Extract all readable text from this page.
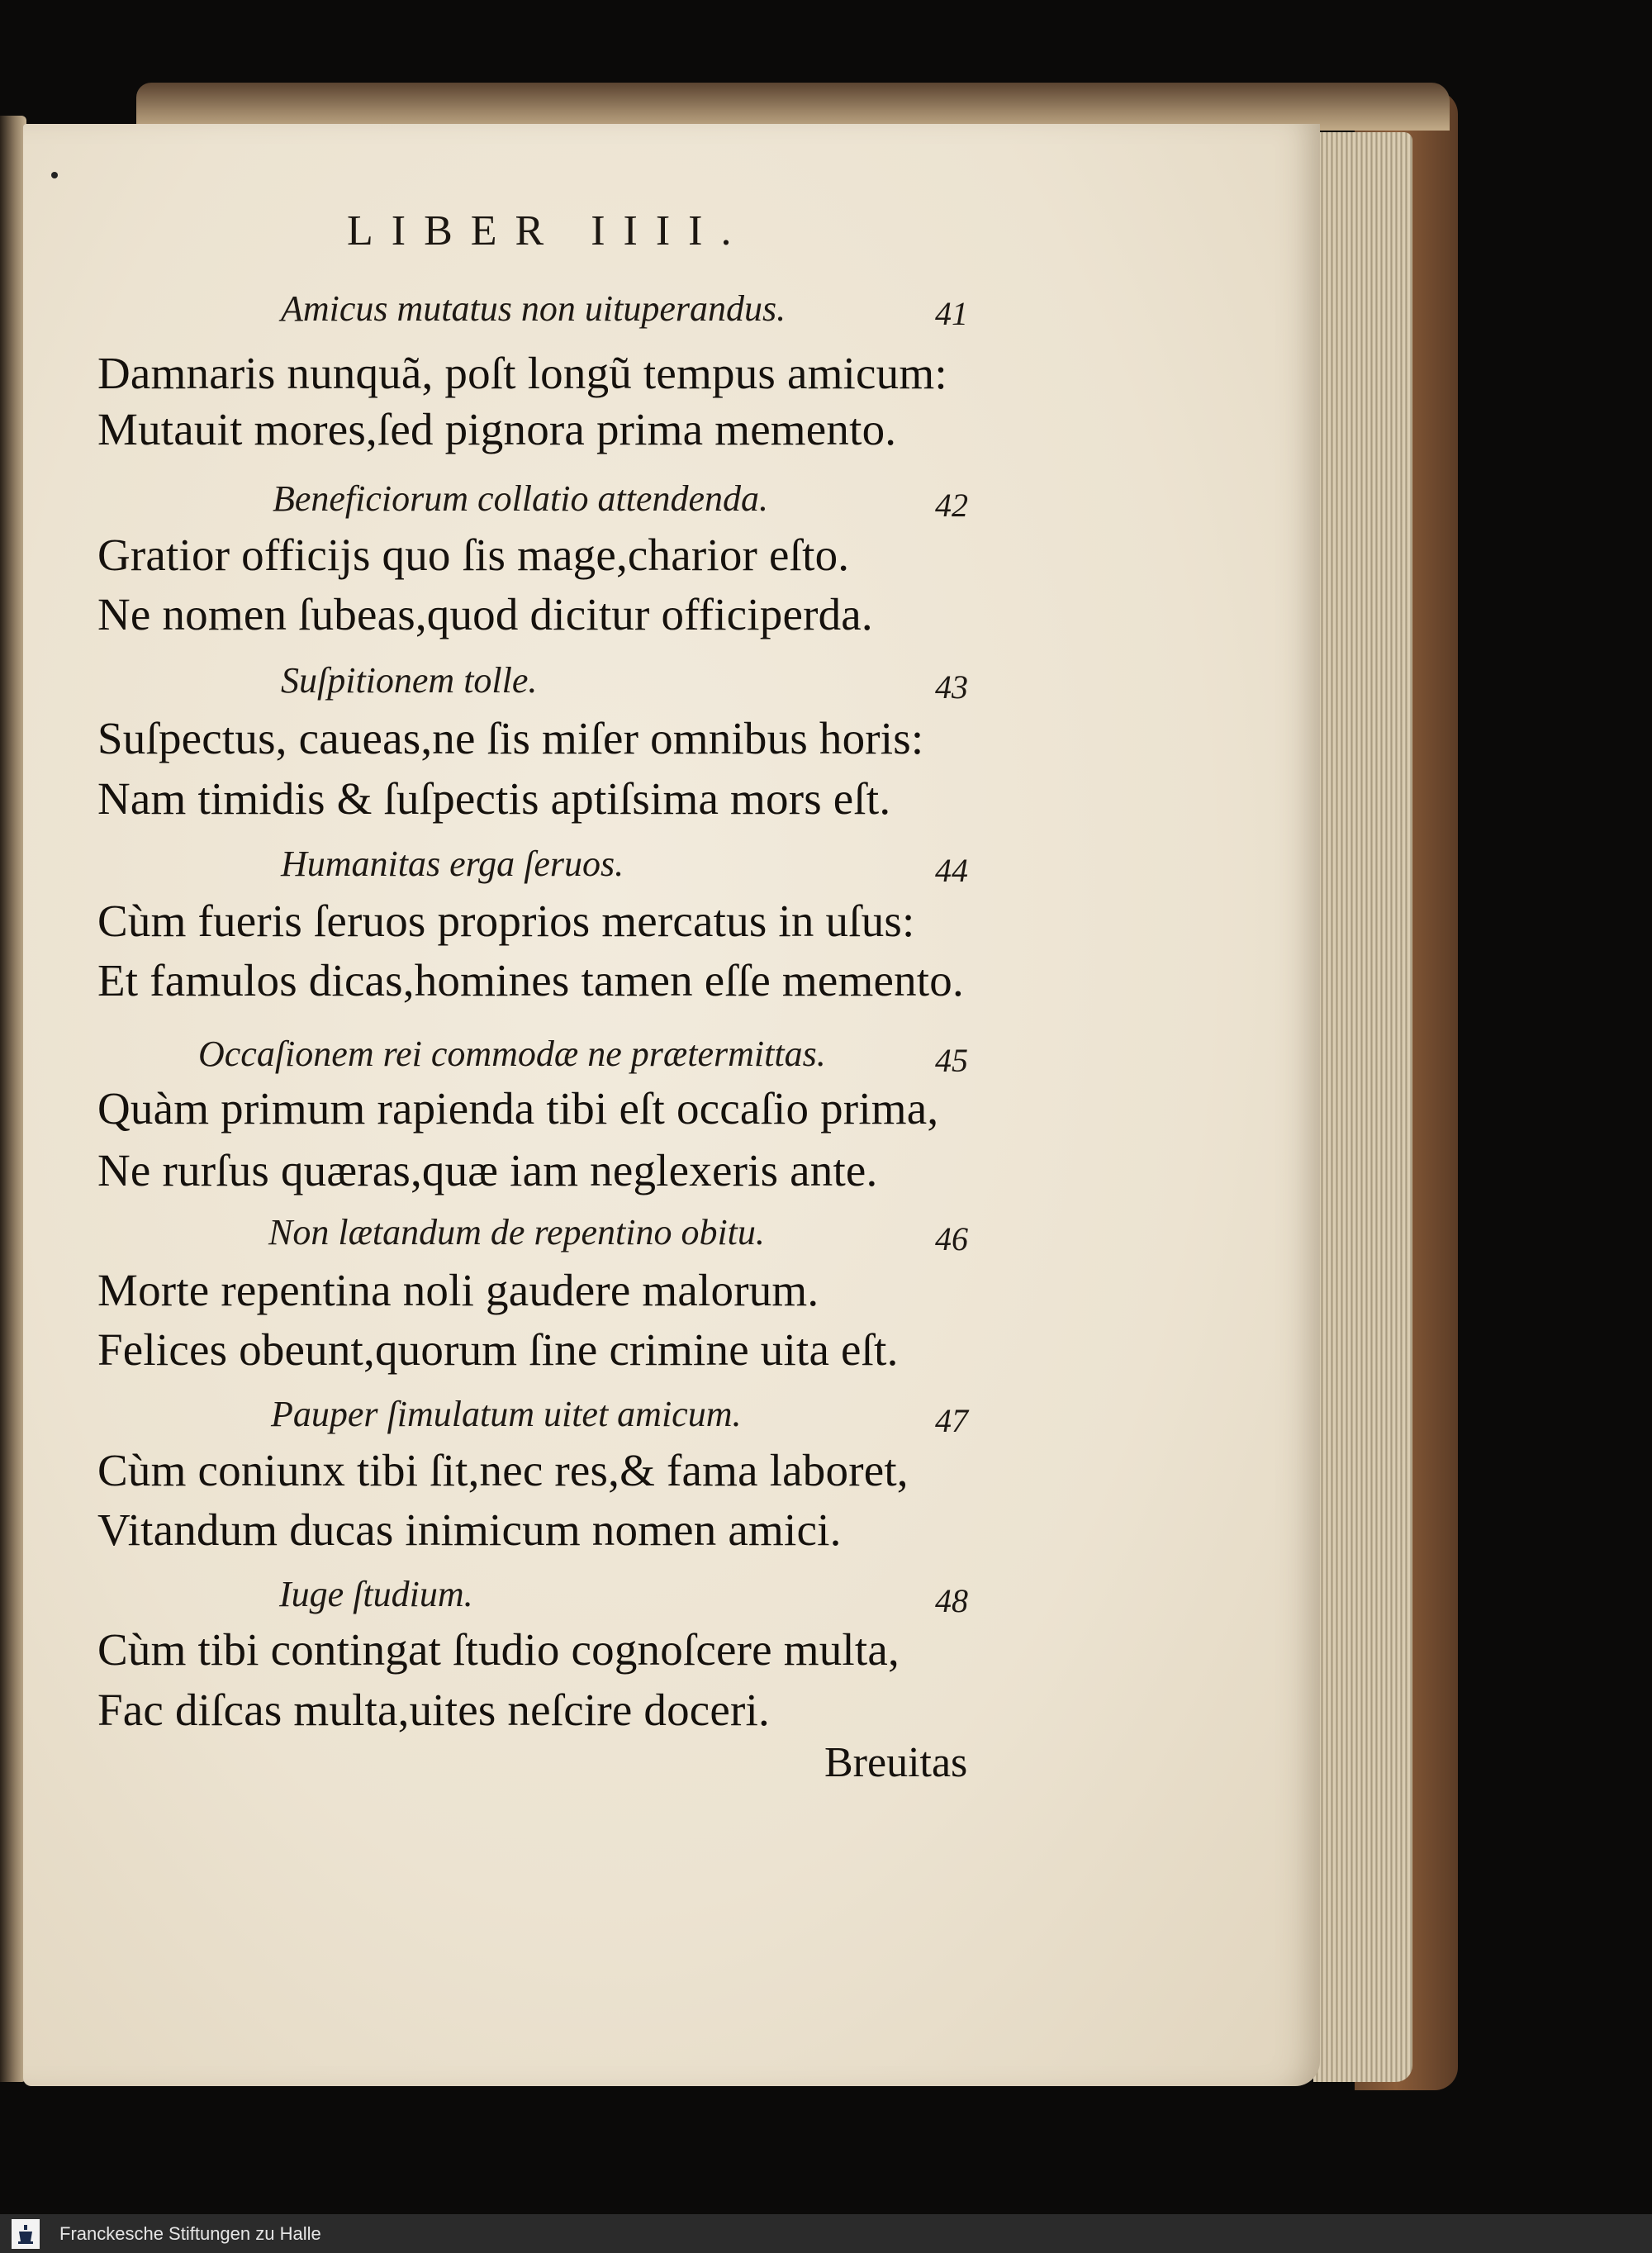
LIBER IIII.
Amicus mutatus non uituperandus.	41
Damnaris nunquã, poſt longũ tempus amicum:
Mutauit mores,ſed pignora prima memento.
Beneficiorum collatio attendenda.	42
Gratior officijs quo ſis mage,charior eſto.
Ne nomen ſubeas,quod dicitur officiperda.
Suſpitionem tolle.	43
Suſpectus, caueas,ne ſis miſer omnibus horis:
Nam timidis & ſuſpectis aptiſsima mors eſt.
Humanitas erga ſeruos.	44
Cùm fueris ſeruos proprios mercatus in uſus:
Et famulos dicas,homines tamen eſſe memento.
Occaſionem rei commodæ ne prætermittas.	45
Quàm primum rapienda tibi eſt occaſio prima,
Ne rurſus quæras,quæ iam neglexeris ante.
Non lætandum de repentino obitu.	46
Morte repentina noli gaudere malorum.
Felices obeunt,quorum ſine crimine uita eſt.
Pauper ſimulatum uitet amicum.	47
Cùm coniunx tibi ſit,nec res,& fama laboret,
Vitandum ducas inimicum nomen amici.
Iuge ſtudium.	48
Cùm tibi contingat ſtudio cognoſcere multa,
Fac diſcas multa,uites neſcire doceri.
Breuitas
Franckesche Stiftungen zu Halle
